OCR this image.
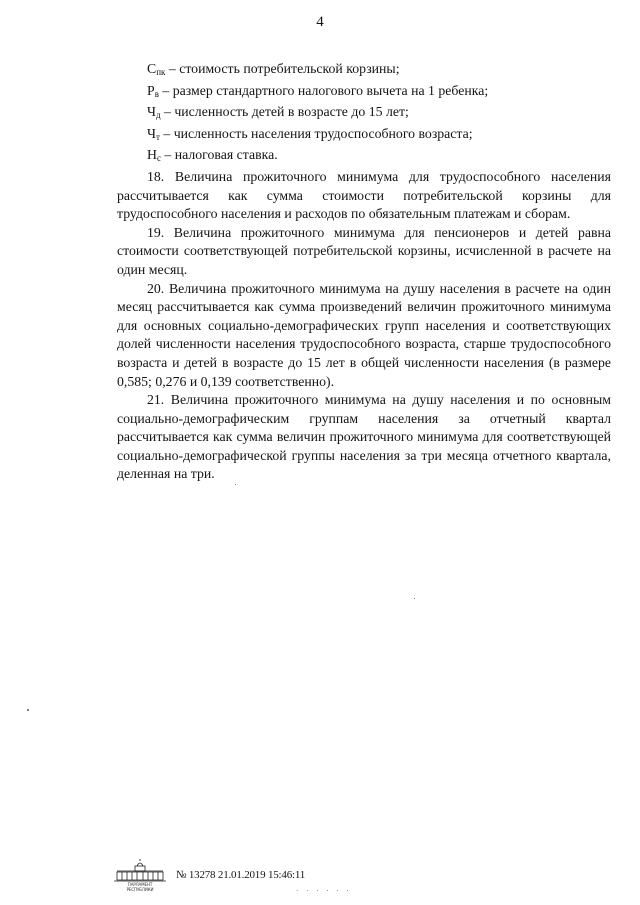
4
$С_{пк}$ – стоимость потребительской корзины;
$Р_в$ – размер стандартного налогового вычета на 1 ребенка;
$Ч_д$ – численность детей в возрасте до 15 лет;
$Ч_т$ – численность населения трудоспособного возраста;
$Н_с$ – налоговая ставка.

18. Величина прожиточного минимума для трудоспособного населения рассчитывается как сумма стоимости потребительской корзины для трудоспособного населения и расходов по обязательным платежам и сборам.

19. Величина прожиточного минимума для пенсионеров и детей равна стоимости соответствующей потребительской корзины, исчисленной в расчете на один месяц.

20. Величина прожиточного минимума на душу населения в расчете на один месяц рассчитывается как сумма произведений величин прожиточного минимума для основных социально-демографических групп населения и соответствующих долей численности населения трудоспособного возраста, старше трудоспособного возраста и детей в возрасте до 15 лет в общей численности населения (в размере 0,585; 0,276 и 0,139 соответственно).

21. Величина прожиточного минимума на душу населения и по основным социально-демографическим группам населения за отчетный квартал рассчитывается как сумма величин прожиточного минимума для соответствующей социально-демографической группы населения за три месяца отчетного квартала, деленная на три.

ПАРЛАМЕНТ РЕСПУБЛИКИ
№ 13278 21.01.2019 15:46:11
· · · · · ·
